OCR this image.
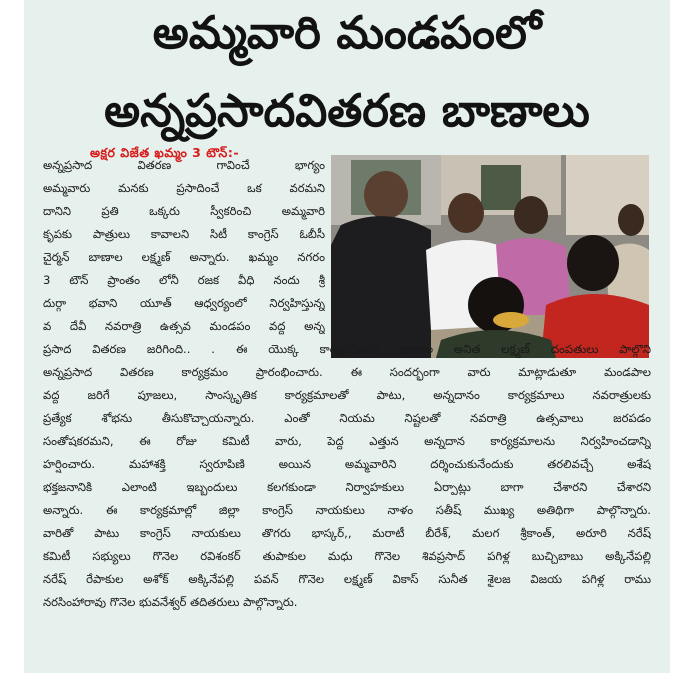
అమ్మవారి మండపంలో
అన్నప్రసాదవితరణ బాణాలు
అక్షర విజేత ఖమ్మం 3 టౌన్:-
అన్నప్రసాద వితరణ గావించే భాగ్యం
అమ్మవారు మనకు ప్రసాదించే ఒక వరమని
దానిని ప్రతి ఒక్కరు స్వీకరించి అమ్మవారి
కృపకు పాత్రులు కావాలని సిటీ కాంగ్రెస్ ఓబీసీ
చైర్మన్ బాణాల లక్ష్మణ్ అన్నారు. ఖమ్మం నగరం
3 టౌన్ ప్రాంతం లోనీ రజక వీధి నందు శ్రీ
దుర్గా భవాని యూత్ ఆధ్వర్యంలో నిర్వహిస్తున్న
వ దేవీ నవరాత్రి ఉత్సవ మండపం వద్ద అన్న
ప్రసాద వితరణ జరిగింది.. . ఈ యొక్క కార్యక్రమంలో బాణాల అనిత లక్ష్మణ్ దంపతులు పాల్గొని
అన్నప్రసాద వితరణ కార్యక్రమం ప్రారంభించారు. ఈ సందర్భంగా వారు మాట్లాడుతూ మండపాల
వద్ద జరిగే పూజలు, సాంస్కృతిక కార్యక్రమాలతో పాటు, అన్నదానం కార్యక్రమాలు నవరాత్రులకు
ప్రత్యేక శోభను తీసుకొచ్చాయన్నారు. ఎంతో నియమ నిష్టలతో నవరాత్రి ఉత్సవాలు జరపడం
సంతోషకరమని, ఈ రోజు కమిటీ వారు, పెద్ద ఎత్తున అన్నదాన కార్యక్రమాలను నిర్వహించడాన్ని
హర్షించారు. మహాశక్తి స్వరూపిణి అయిన అమ్మవారిని దర్శించుకునేందుకు తరలివచ్చే అశేష
భక్తజనానికి ఎలాంటి ఇబ్బందులు కలగకుండా నిర్వాహకులు ఏర్పాట్లు బాగా చేశారని చేశారని
అన్నారు. ఈ కార్యక్రమాల్లో జిల్లా కాంగ్రెస్ నాయకులు నాళం సతీష్ ముఖ్య అతిథిగా పాల్గొన్నారు.
వారితో పాటు కాంగ్రెస్ నాయకులు తొగరు భాస్కర్,, మరాటీ బీరేశ్, మలగ శ్రీకాంత్, అరూరి నరేష్
కమిటీ సభ్యులు గొనెల రవిశంకర్ తుపాకుల మధు గొనెల శివప్రసాద్ పగిళ్ల బుచ్చిబాబు అక్కినేపల్లి
నరేష్ రేపాకుల అశోక్ అక్కినేపల్లి పవన్ గొనెల లక్ష్మణ్ వికాస్ సునీత శైలజ విజయ పగిళ్ల రాము
నరసింహారావు గొనెల భువనేశ్వర్ తదితరులు పాల్గొన్నారు.
